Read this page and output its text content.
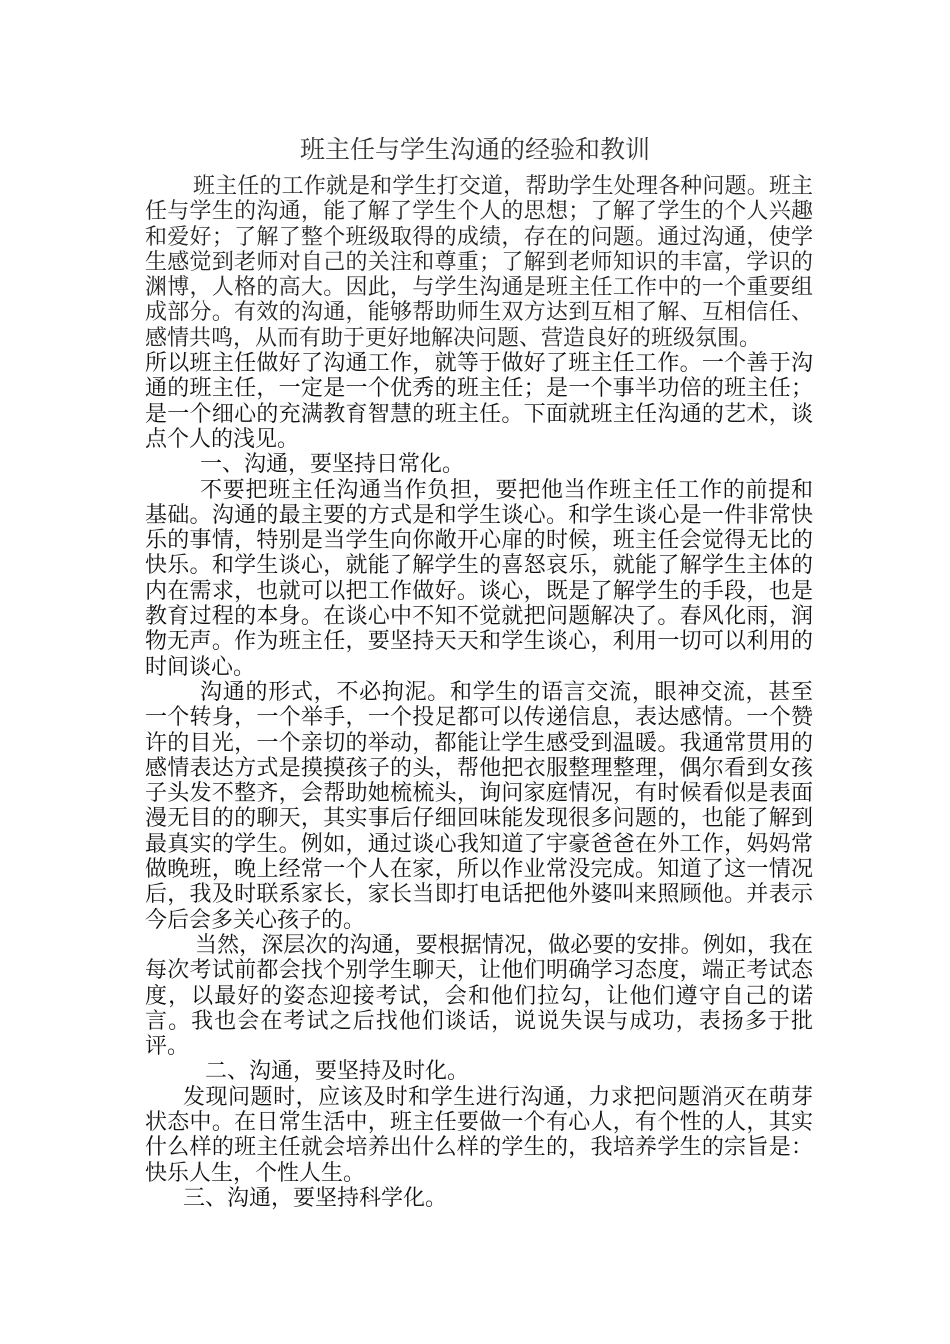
班主任与学生沟通的经验和教训

班主任的工作就是和学生打交道，帮助学生处理各种问题。班主任与学生的沟通，能了解了学生个人的思想；了解了学生的个人兴趣和爱好；了解了整个班级取得的成绩，存在的问题。通过沟通，使学生感觉到老师对自己的关注和尊重；了解到老师知识的丰富，学识的渊博，人格的高大。因此，与学生沟通是班主任工作中的一个重要组成部分。有效的沟通，能够帮助师生双方达到互相了解、互相信任、感情共鸣，从而有助于更好地解决问题、营造良好的班级氛围。

所以班主任做好了沟通工作，就等于做好了班主任工作。一个善于沟通的班主任，一定是一个优秀的班主任；是一个事半功倍的班主任；是一个细心的充满教育智慧的班主任。下面就班主任沟通的艺术，谈点个人的浅见。

一、沟通，要坚持日常化。

不要把班主任沟通当作负担，要把他当作班主任工作的前提和基础。沟通的最主要的方式是和学生谈心。和学生谈心是一件非常快乐的事情，特别是当学生向你敞开心扉的时候，班主任会觉得无比的快乐。和学生谈心，就能了解学生的喜怒哀乐，就能了解学生主体的内在需求，也就可以把工作做好。谈心，既是了解学生的手段，也是教育过程的本身。在谈心中不知不觉就把问题解决了。春风化雨，润物无声。作为班主任，要坚持天天和学生谈心，利用一切可以利用的时间谈心。

沟通的形式，不必拘泥。和学生的语言交流，眼神交流，甚至一个转身，一个举手，一个投足都可以传递信息，表达感情。一个赞许的目光，一个亲切的举动，都能让学生感受到温暖。我通常贯用的感情表达方式是摸摸孩子的头，帮他把衣服整理整理，偶尔看到女孩子头发不整齐，会帮助她梳梳头，询问家庭情况，有时候看似是表面漫无目的的聊天，其实事后仔细回味能发现很多问题的，也能了解到最真实的学生。例如，通过谈心我知道了宇豪爸爸在外工作，妈妈常做晚班，晚上经常一个人在家，所以作业常没完成。知道了这一情况后，我及时联系家长，家长当即打电话把他外婆叫来照顾他。并表示今后会多关心孩子的。

当然，深层次的沟通，要根据情况，做必要的安排。例如，我在每次考试前都会找个别学生聊天，让他们明确学习态度，端正考试态度，以最好的姿态迎接考试，会和他们拉勾，让他们遵守自己的诺言。我也会在考试之后找他们谈话，说说失误与成功，表扬多于批评。

二、沟通，要坚持及时化。

发现问题时，应该及时和学生进行沟通，力求把问题消灭在萌芽状态中。在日常生活中，班主任要做一个有心人，有个性的人，其实什么样的班主任就会培养出什么样的学生的，我培养学生的宗旨是：快乐人生，个性人生。

三、沟通，要坚持科学化。
